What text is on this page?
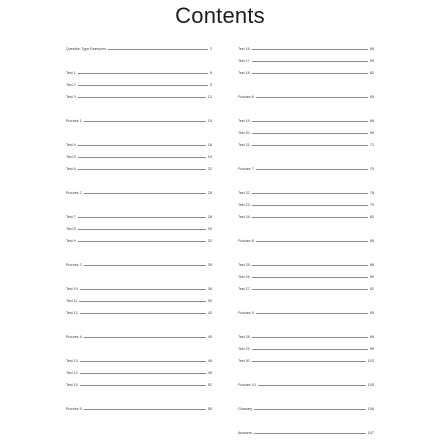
Contents
Question Type Examples	2
Test 1	6
Test 2	9
Test 3	12
Puzzles 1	15
Test 4	16
Test 5	19
Test 6	22
Puzzles 2	25
Test 7	26
Test 8	29
Test 9	32
Puzzles 3	35
Test 10	36
Test 11	39
Test 12	42
Puzzles 4	45
Test 13	46
Test 14	49
Test 15	52
Puzzles 5	55
Test 16	56
Test 17	59
Test 18	62
Puzzles 6	65
Test 19	66
Test 20	69
Test 21	72
Puzzles 7	75
Test 22	76
Test 23	79
Test 24	82
Puzzles 8	85
Test 25	86
Test 26	89
Test 27	92
Puzzles 9	95
Test 28	96
Test 29	99
Test 30	102
Puzzles 10	105
Glossary	106
Answers	107
